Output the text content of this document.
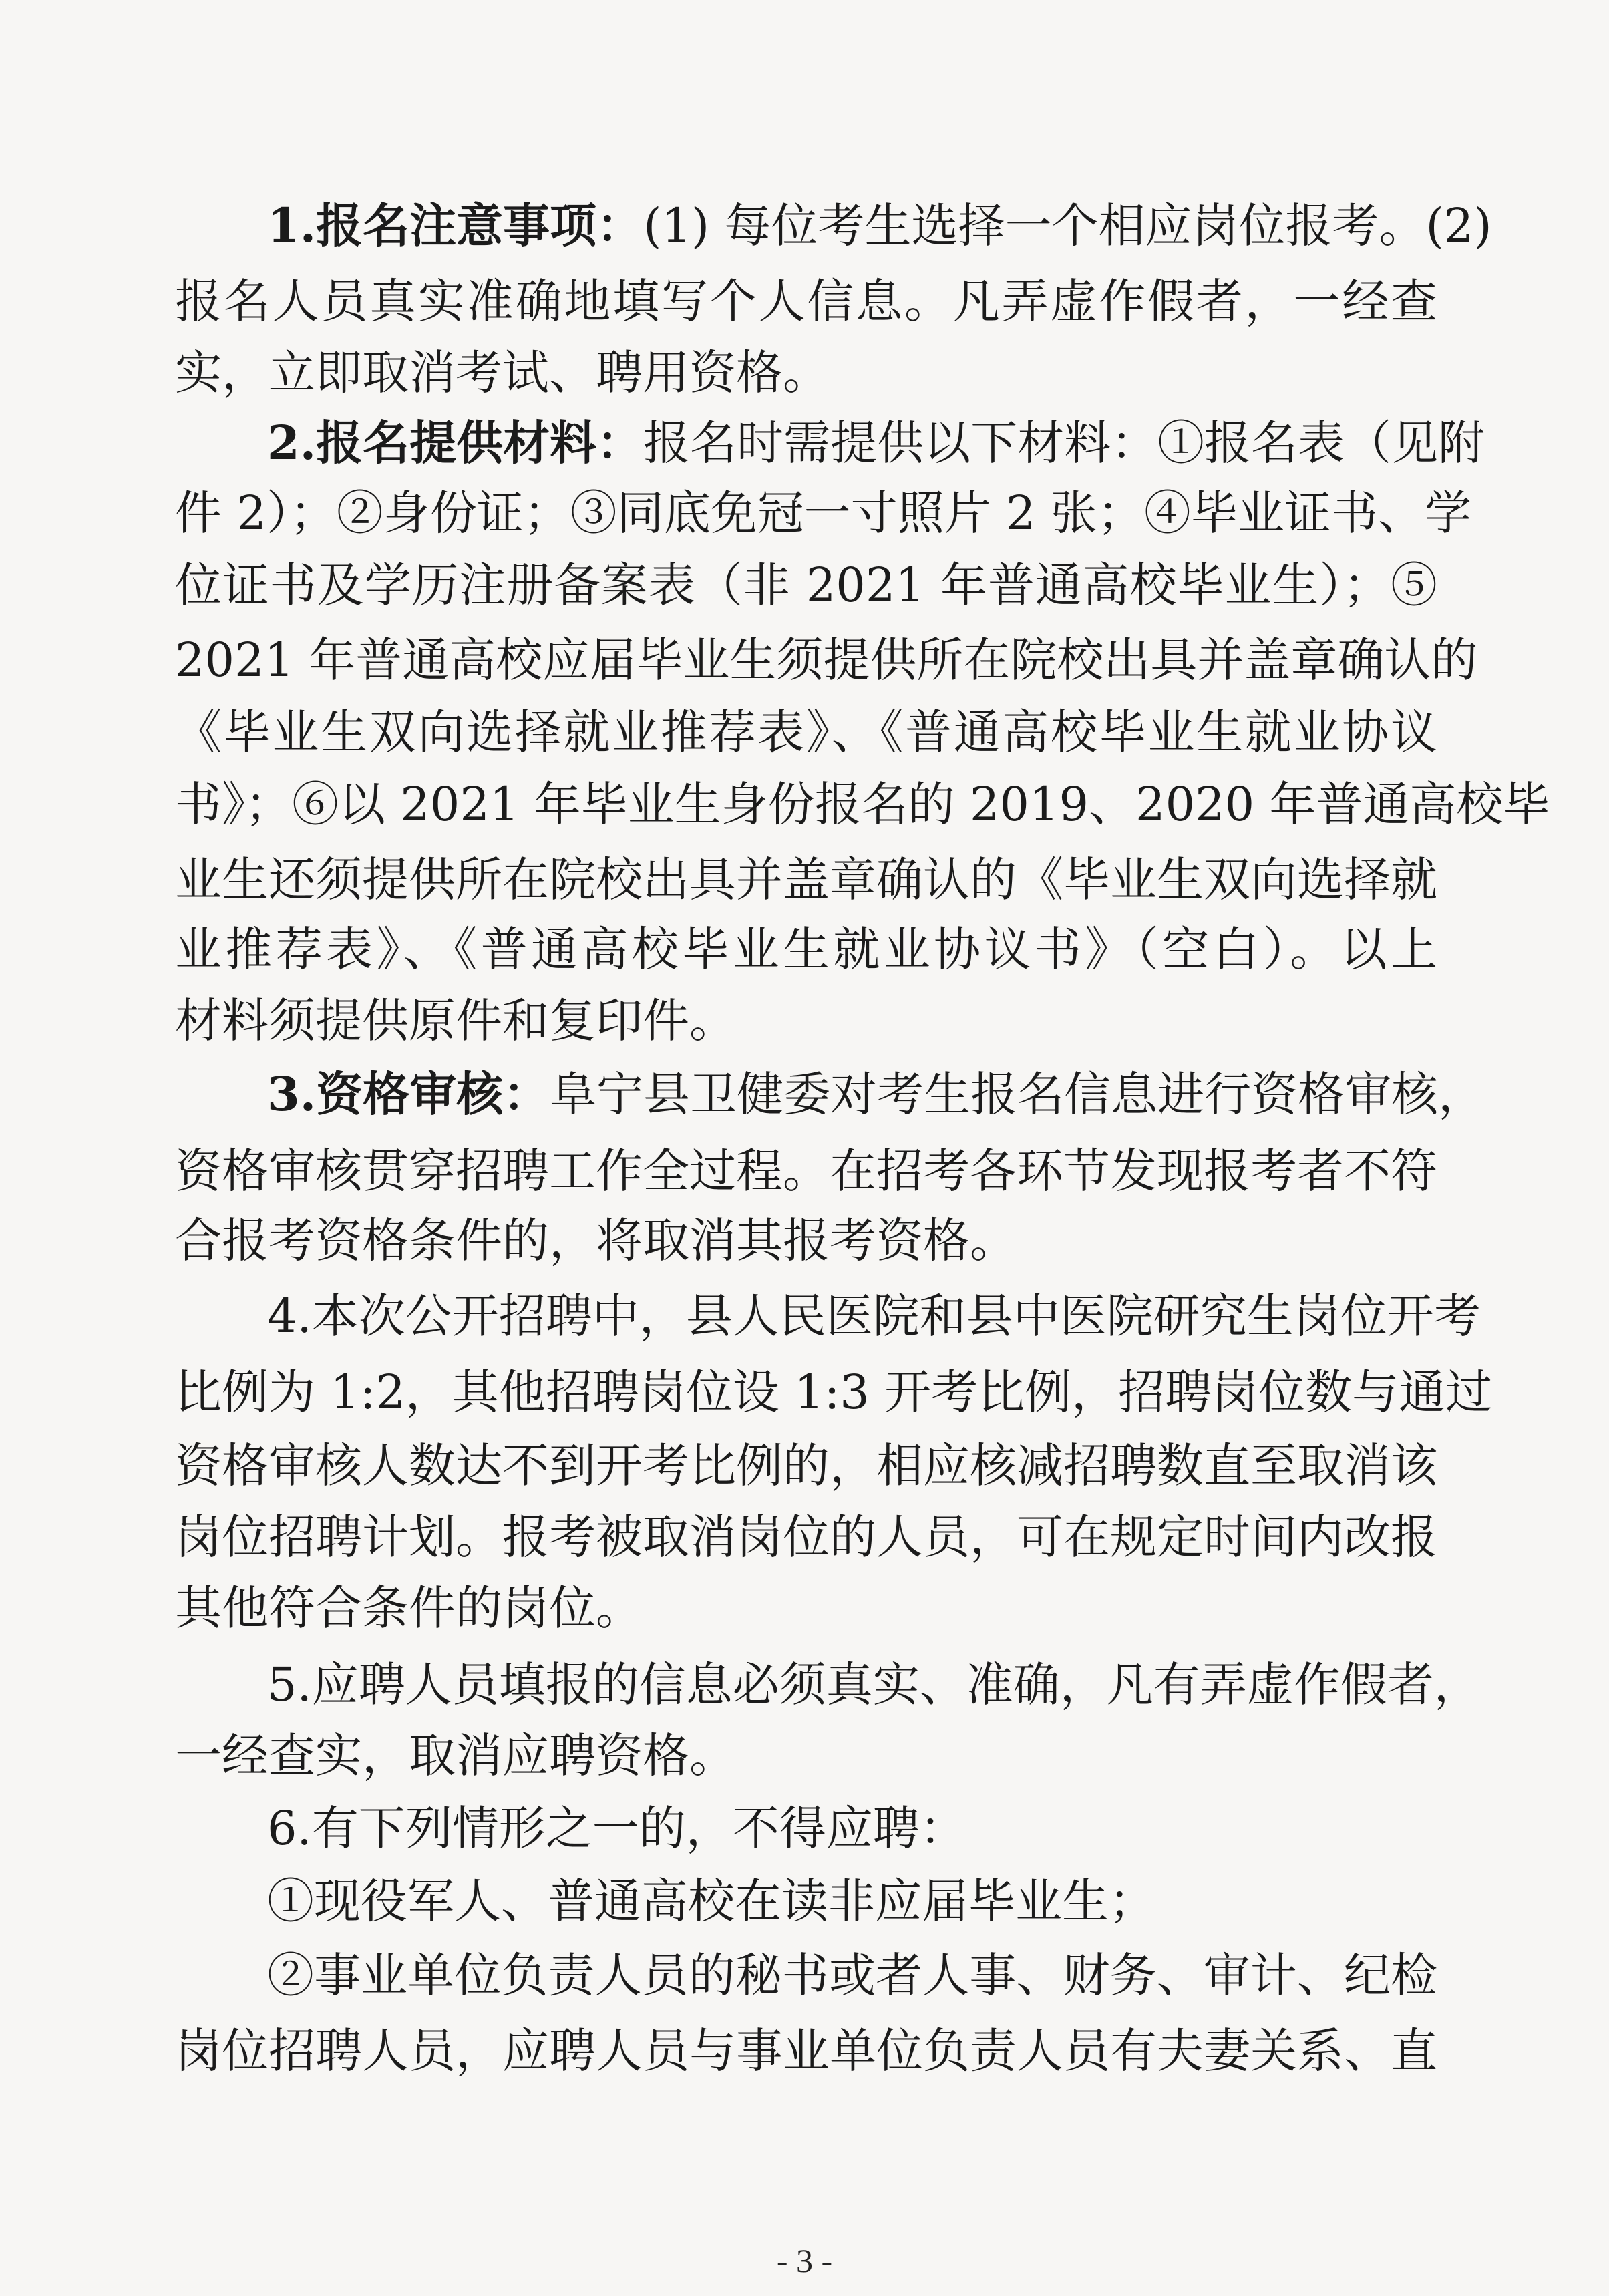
1.报名注意事项：(1) 每位考生选择一个相应岗位报考。(2)
报名人员真实准确地填写个人信息。凡弄虚作假者，一经查
实，立即取消考试、聘用资格。
2.报名提供材料：报名时需提供以下材料：①报名表（见附
件 2）；②身份证；③同底免冠一寸照片 2 张；④毕业证书、学
位证书及学历注册备案表（非 2021 年普通高校毕业生）；⑤
2021 年普通高校应届毕业生须提供所在院校出具并盖章确认的
《毕业生双向选择就业推荐表》、《普通高校毕业生就业协议
书》；⑥以 2021 年毕业生身份报名的 2019、2020 年普通高校毕
业生还须提供所在院校出具并盖章确认的《毕业生双向选择就
业推荐表》、《普通高校毕业生就业协议书》（空白）。以上
材料须提供原件和复印件。
3.资格审核：阜宁县卫健委对考生报名信息进行资格审核，
资格审核贯穿招聘工作全过程。在招考各环节发现报考者不符
合报考资格条件的，将取消其报考资格。
4.本次公开招聘中，县人民医院和县中医院研究生岗位开考
比例为 1:2，其他招聘岗位设 1:3 开考比例，招聘岗位数与通过
资格审核人数达不到开考比例的，相应核减招聘数直至取消该
岗位招聘计划。报考被取消岗位的人员，可在规定时间内改报
其他符合条件的岗位。
5.应聘人员填报的信息必须真实、准确，凡有弄虚作假者，
一经查实，取消应聘资格。
6.有下列情形之一的，不得应聘：
①现役军人、普通高校在读非应届毕业生；
②事业单位负责人员的秘书或者人事、财务、审计、纪检
岗位招聘人员，应聘人员与事业单位负责人员有夫妻关系、直
- 3 -
